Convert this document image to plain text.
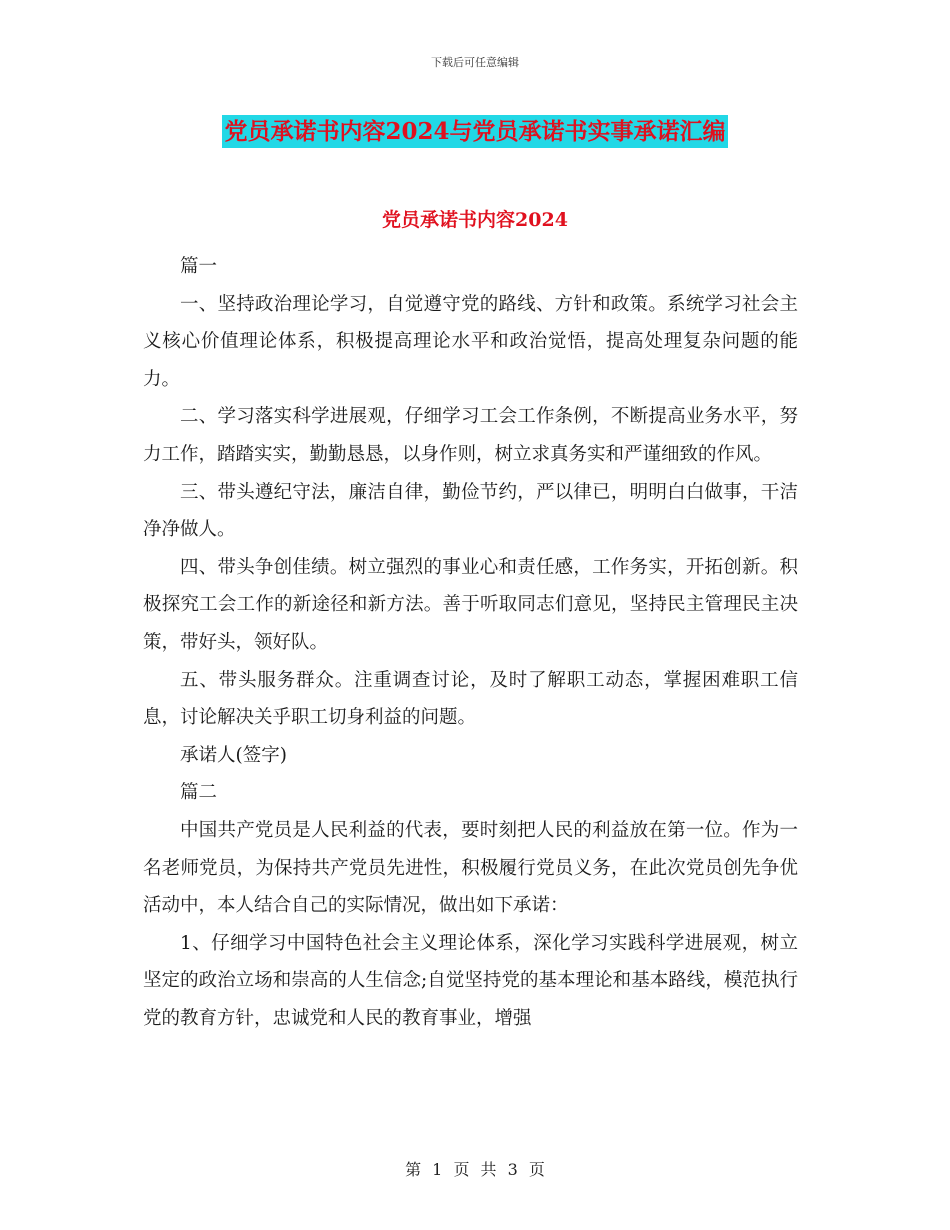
下载后可任意编辑
党员承诺书内容2024与党员承诺书实事承诺汇编
党员承诺书内容2024

篇一

一、坚持政治理论学习，自觉遵守党的路线、方针和政策。系统学习社会主义核心价值理论体系，积极提高理论水平和政治觉悟，提高处理复杂问题的能力。

二、学习落实科学进展观，仔细学习工会工作条例，不断提高业务水平，努力工作，踏踏实实，勤勤恳恳，以身作则，树立求真务实和严谨细致的作风。

三、带头遵纪守法，廉洁自律，勤俭节约，严以律已，明明白白做事，干洁净净做人。

四、带头争创佳绩。树立强烈的事业心和责任感，工作务实，开拓创新。积极探究工会工作的新途径和新方法。善于听取同志们意见，坚持民主管理民主决策，带好头，领好队。

五、带头服务群众。注重调查讨论，及时了解职工动态，掌握困难职工信息，讨论解决关乎职工切身利益的问题。

承诺人(签字)

篇二

中国共产党员是人民利益的代表，要时刻把人民的利益放在第一位。作为一名老师党员，为保持共产党员先进性，积极履行党员义务，在此次党员创先争优活动中，本人结合自己的实际情况，做出如下承诺：

1、仔细学习中国特色社会主义理论体系，深化学习实践科学进展观，树立坚定的政治立场和崇高的人生信念;自觉坚持党的基本理论和基本路线，模范执行党的教育方针，忠诚党和人民的教育事业，增强

第 1 页 共 3 页
